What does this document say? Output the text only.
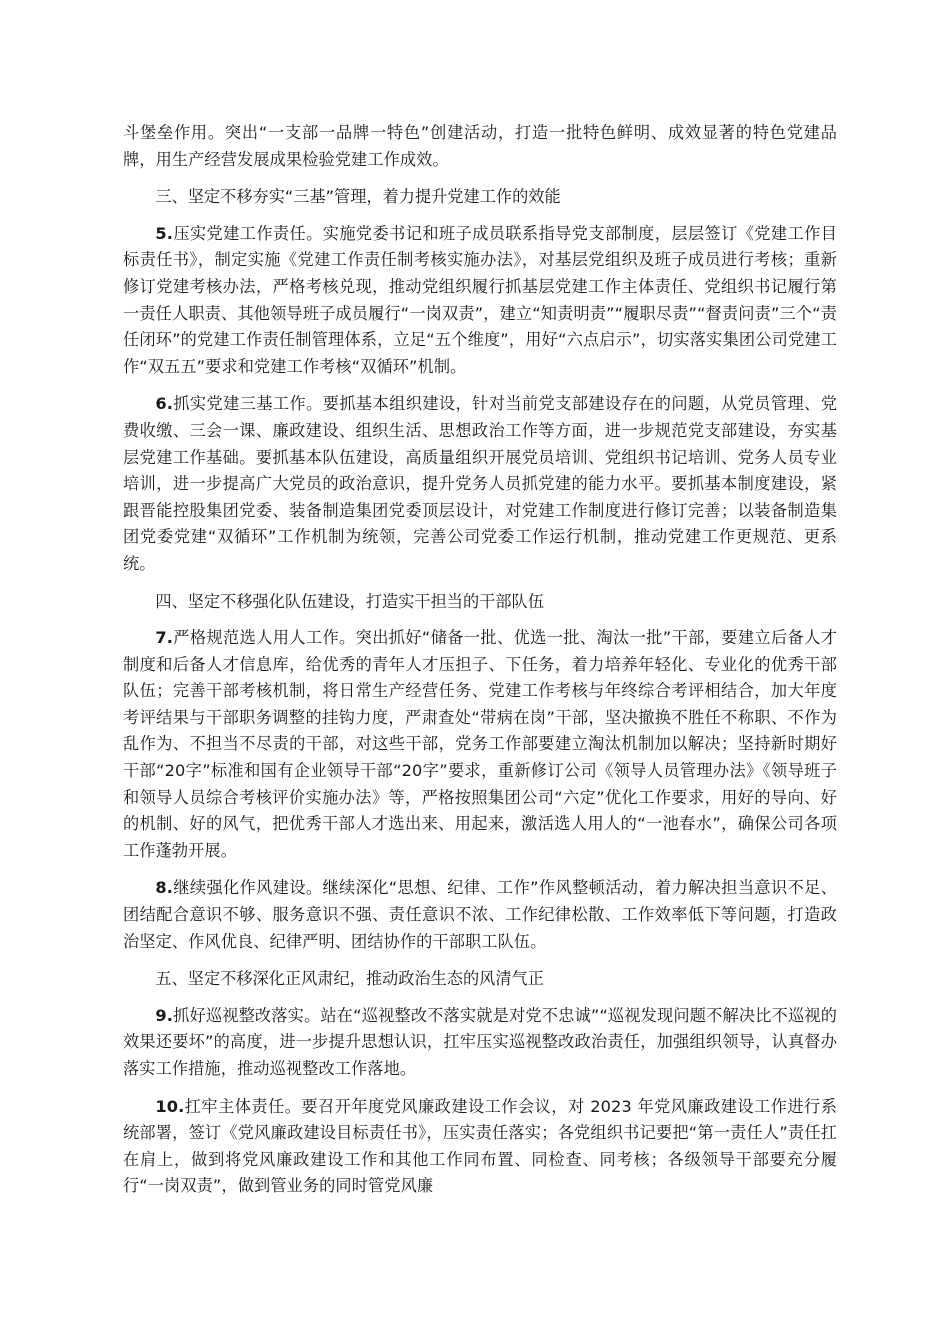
斗堡垒作用。突出“一支部一品牌一特色”创建活动，打造一批特色鲜明、成效显著的特色党建品牌，用生产经营发展成果检验党建工作成效。

三、坚定不移夯实“三基”管理，着力提升党建工作的效能

5.压实党建工作责任。实施党委书记和班子成员联系指导党支部制度，层层签订《党建工作目标责任书》，制定实施《党建工作责任制考核实施办法》，对基层党组织及班子成员进行考核；重新修订党建考核办法，严格考核兑现，推动党组织履行抓基层党建工作主体责任、党组织书记履行第一责任人职责、其他领导班子成员履行“一岗双责”，建立“知责明责”“履职尽责”“督责问责”三个“责任闭环”的党建工作责任制管理体系，立足“五个维度”，用好“六点启示”，切实落实集团公司党建工作“双五五”要求和党建工作考核“双循环”机制。

6.抓实党建三基工作。要抓基本组织建设，针对当前党支部建设存在的问题，从党员管理、党费收缴、三会一课、廉政建设、组织生活、思想政治工作等方面，进一步规范党支部建设，夯实基层党建工作基础。要抓基本队伍建设，高质量组织开展党员培训、党组织书记培训、党务人员专业培训，进一步提高广大党员的政治意识，提升党务人员抓党建的能力水平。要抓基本制度建设，紧跟晋能控股集团党委、装备制造集团党委顶层设计，对党建工作制度进行修订完善；以装备制造集团党委党建“双循环”工作机制为统领，完善公司党委工作运行机制，推动党建工作更规范、更系统。

四、坚定不移强化队伍建设，打造实干担当的干部队伍

7.严格规范选人用人工作。突出抓好“储备一批、优选一批、淘汰一批”干部，要建立后备人才制度和后备人才信息库，给优秀的青年人才压担子、下任务，着力培养年轻化、专业化的优秀干部队伍；完善干部考核机制，将日常生产经营任务、党建工作考核与年终综合考评相结合，加大年度考评结果与干部职务调整的挂钩力度，严肃查处“带病在岗”干部，坚决撤换不胜任不称职、不作为乱作为、不担当不尽责的干部，对这些干部，党务工作部要建立淘汰机制加以解决；坚持新时期好干部“20字”标准和国有企业领导干部“20字”要求，重新修订公司《领导人员管理办法》《领导班子和领导人员综合考核评价实施办法》等，严格按照集团公司“六定”优化工作要求，用好的导向、好的机制、好的风气，把优秀干部人才选出来、用起来，激活选人用人的“一池春水”，确保公司各项工作蓬勃开展。

8.继续强化作风建设。继续深化“思想、纪律、工作”作风整顿活动，着力解决担当意识不足、团结配合意识不够、服务意识不强、责任意识不浓、工作纪律松散、工作效率低下等问题，打造政治坚定、作风优良、纪律严明、团结协作的干部职工队伍。

五、坚定不移深化正风肃纪，推动政治生态的风清气正

9.抓好巡视整改落实。站在“巡视整改不落实就是对党不忠诚”“巡视发现问题不解决比不巡视的效果还要坏”的高度，进一步提升思想认识，扛牢压实巡视整改政治责任，加强组织领导，认真督办落实工作措施，推动巡视整改工作落地。

10.扛牢主体责任。要召开年度党风廉政建设工作会议，对 2023 年党风廉政建设工作进行系统部署，签订《党风廉政建设目标责任书》，压实责任落实；各党组织书记要把“第一责任人”责任扛在肩上，做到将党风廉政建设工作和其他工作同布置、同检查、同考核；各级领导干部要充分履行“一岗双责”，做到管业务的同时管党风廉
